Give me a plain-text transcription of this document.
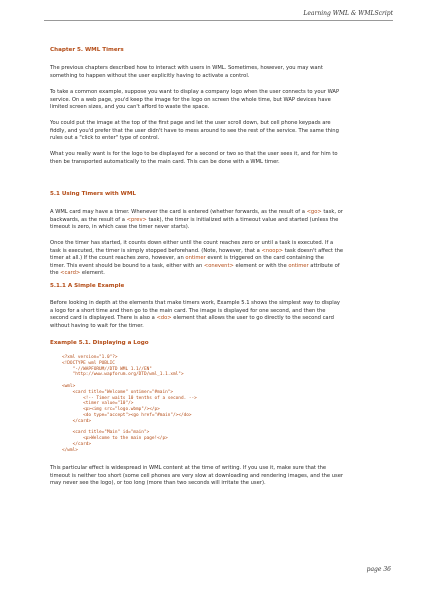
Learning WML & WMLScript
Chapter 5. WML Timers
The previous chapters described how to interact with users in WML. Sometimes, however, you may want
something to happen without the user explicitly having to activate a control.
To take a common example, suppose you want to display a company logo when the user connects to your WAP
service. On a web page, you'd keep the image for the logo on screen the whole time, but WAP devices have
limited screen sizes, and you can't afford to waste the space.
You could put the image at the top of the first page and let the user scroll down, but cell phone keypads are
fiddly, and you'd prefer that the user didn't have to mess around to see the rest of the service. The same thing
rules out a "click to enter" type of control.
What you really want is for the logo to be displayed for a second or two so that the user sees it, and for him to
then be transported automatically to the main card. This can be done with a WML timer.
5.1 Using Timers with WML
A WML card may have a timer. Whenever the card is entered (whether forwards, as the result of a <go> task, or
backwards, as the result of a <prev> task), the timer is initialized with a timeout value and started (unless the
timeout is zero, in which case the timer never starts).
Once the timer has started, it counts down either until the count reaches zero or until a task is executed. If a
task is executed, the timer is simply stopped beforehand. (Note, however, that a <noop> task doesn't affect the
timer at all.) If the count reaches zero, however, an ontimer event is triggered on the card containing the
timer. This event should be bound to a task, either with an <onevent> element or with the ontimer attribute of
the <card> element.
5.1.1 A Simple Example
Before looking in depth at the elements that make timers work, Example 5.1 shows the simplest way to display
a logo for a short time and then go to the main card. The image is displayed for one second, and then the
second card is displayed. There is also a <do> element that allows the user to go directly to the second card
without having to wait for the timer.
Example 5.1. Displaying a Logo
<?xml version="1.0"?>
<!DOCTYPE wml PUBLIC
"-//WAPFORUM//DTD WML 1.1//EN"
"http://www.wapforum.org/DTD/wml_1.1.xml">

<wml>
<card title="Welcome" ontimer="#main">
<!-- Timer waits 10 tenths of a second. -->
<timer value="10"/>
<p><img src="logo.wbmp"/></p>
<do type="accept"><go href="#main"/></do>
</card>

<card title="Main" id="main">
<p>Welcome to the main page!</p>
</card>
</wml>
This particular effect is widespread in WML content at the time of writing. If you use it, make sure that the
timeout is neither too short (some cell phones are very slow at downloading and rendering images, and the user
may never see the logo), or too long (more than two seconds will irritate the user).
page 36
